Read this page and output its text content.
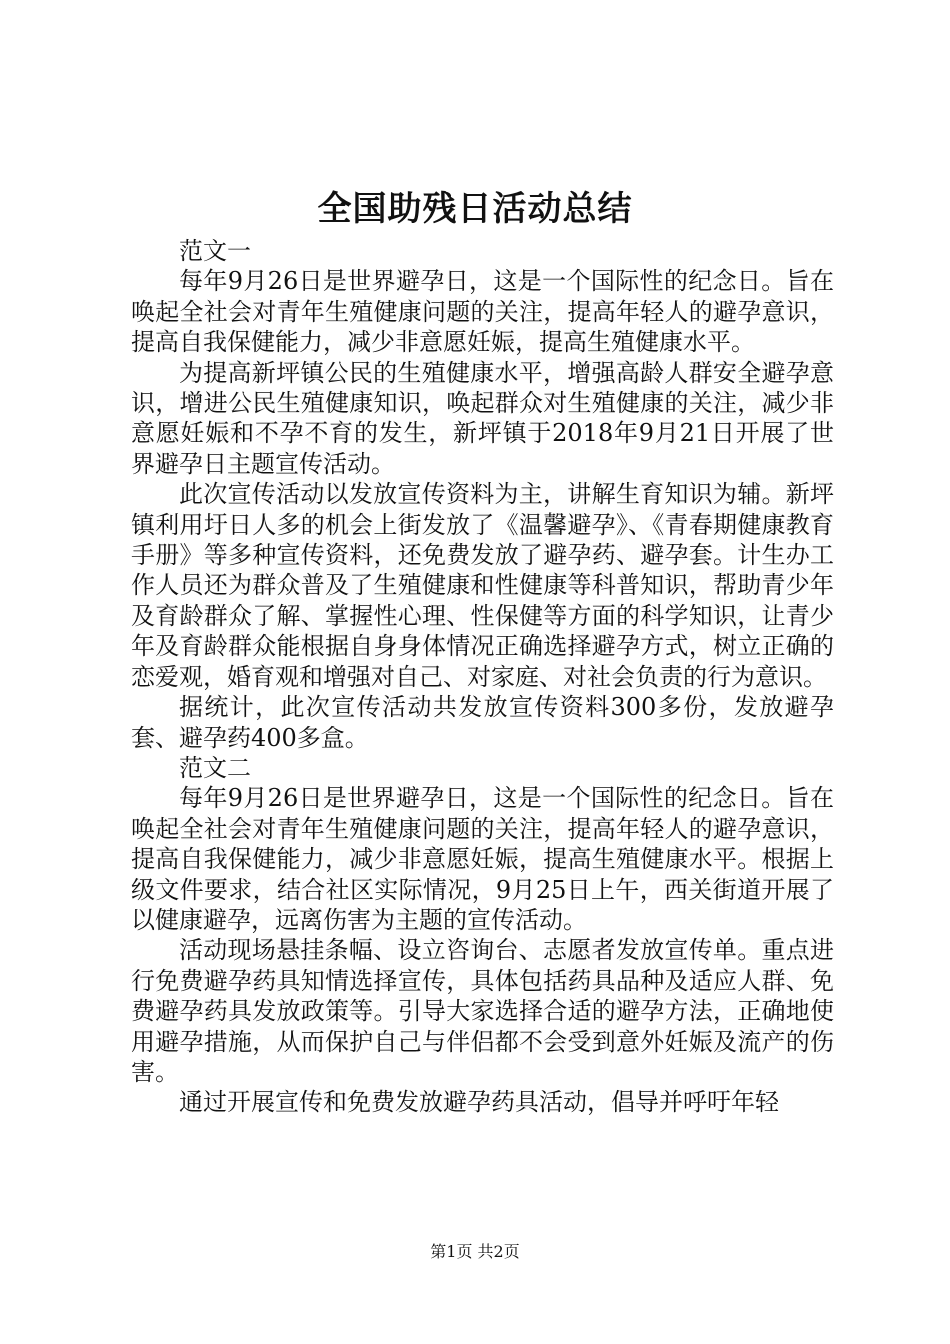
全国助残日活动总结

范文一

每年9月26日是世界避孕日，这是一个国际性的纪念日。旨在唤起全社会对青年生殖健康问题的关注，提高年轻人的避孕意识，提高自我保健能力，减少非意愿妊娠，提高生殖健康水平。

为提高新坪镇公民的生殖健康水平，增强高龄人群安全避孕意识，增进公民生殖健康知识，唤起群众对生殖健康的关注，减少非意愿妊娠和不孕不育的发生，新坪镇于2018年9月21日开展了世界避孕日主题宣传活动。

此次宣传活动以发放宣传资料为主，讲解生育知识为辅。新坪镇利用圩日人多的机会上街发放了《温馨避孕》、《青春期健康教育手册》等多种宣传资料，还免费发放了避孕药、避孕套。计生办工作人员还为群众普及了生殖健康和性健康等科普知识，帮助青少年及育龄群众了解、掌握性心理、性保健等方面的科学知识，让青少年及育龄群众能根据自身身体情况正确选择避孕方式，树立正确的恋爱观，婚育观和增强对自己、对家庭、对社会负责的行为意识。

据统计，此次宣传活动共发放宣传资料300多份，发放避孕套、避孕药400多盒。

范文二

每年9月26日是世界避孕日，这是一个国际性的纪念日。旨在唤起全社会对青年生殖健康问题的关注，提高年轻人的避孕意识，提高自我保健能力，减少非意愿妊娠，提高生殖健康水平。根据上级文件要求，结合社区实际情况，9月25日上午，西关街道开展了以健康避孕，远离伤害为主题的宣传活动。

活动现场悬挂条幅、设立咨询台、志愿者发放宣传单。重点进行免费避孕药具知情选择宣传，具体包括药具品种及适应人群、免费避孕药具发放政策等。引导大家选择合适的避孕方法，正确地使用避孕措施，从而保护自己与伴侣都不会受到意外妊娠及流产的伤害。

通过开展宣传和免费发放避孕药具活动，倡导并呼吁年轻

第1页 共2页
